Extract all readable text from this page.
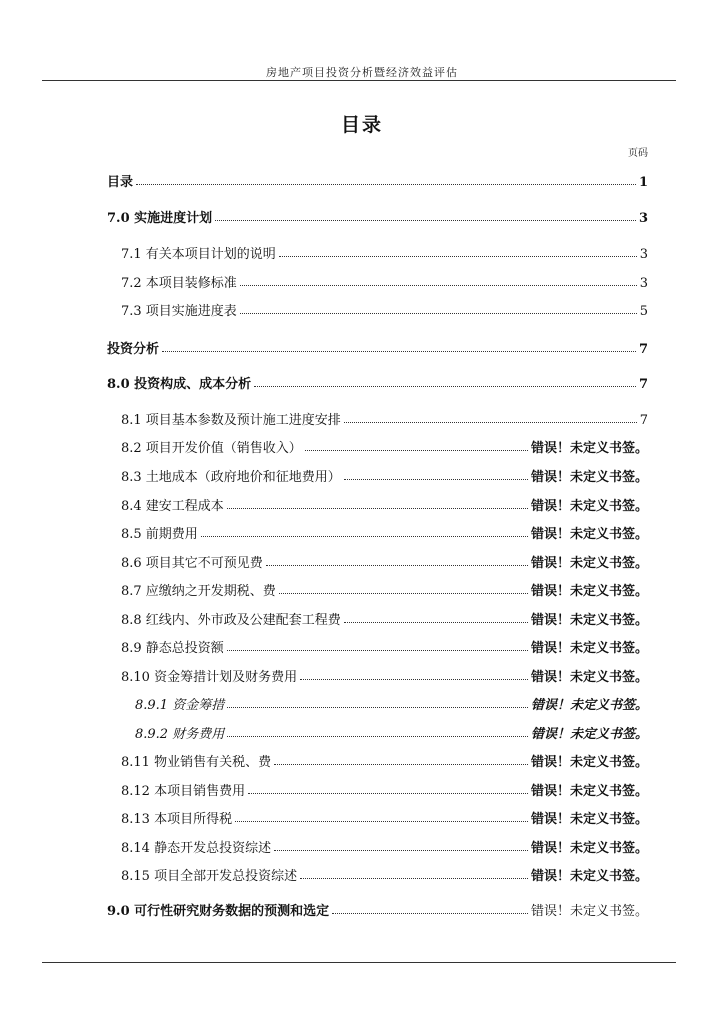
房地产项目投资分析暨经济效益评估
目录
页码
目录	1
7.0 实施进度计划	3
7.1 有关本项目计划的说明	3
7.2 本项目装修标准	3
7.3 项目实施进度表	5
投资分析	7
8.0 投资构成、成本分析	7
8.1 项目基本参数及预计施工进度安排	7
8.2 项目开发价值（销售收入）	错误！未定义书签。
8.3 土地成本（政府地价和征地费用）	错误！未定义书签。
8.4 建安工程成本	错误！未定义书签。
8.5 前期费用	错误！未定义书签。
8.6 项目其它不可预见费	错误！未定义书签。
8.7 应缴纳之开发期税、费	错误！未定义书签。
8.8 红线内、外市政及公建配套工程费	错误！未定义书签。
8.9 静态总投资额	错误！未定义书签。
8.10 资金筹措计划及财务费用	错误！未定义书签。
8.9.1 资金筹措	错误！未定义书签。
8.9.2 财务费用	错误！未定义书签。
8.11 物业销售有关税、费	错误！未定义书签。
8.12 本项目销售费用	错误！未定义书签。
8.13 本项目所得税	错误！未定义书签。
8.14 静态开发总投资综述	错误！未定义书签。
8.15 项目全部开发总投资综述	错误！未定义书签。
9.0 可行性研究财务数据的预测和选定	错误！未定义书签。
